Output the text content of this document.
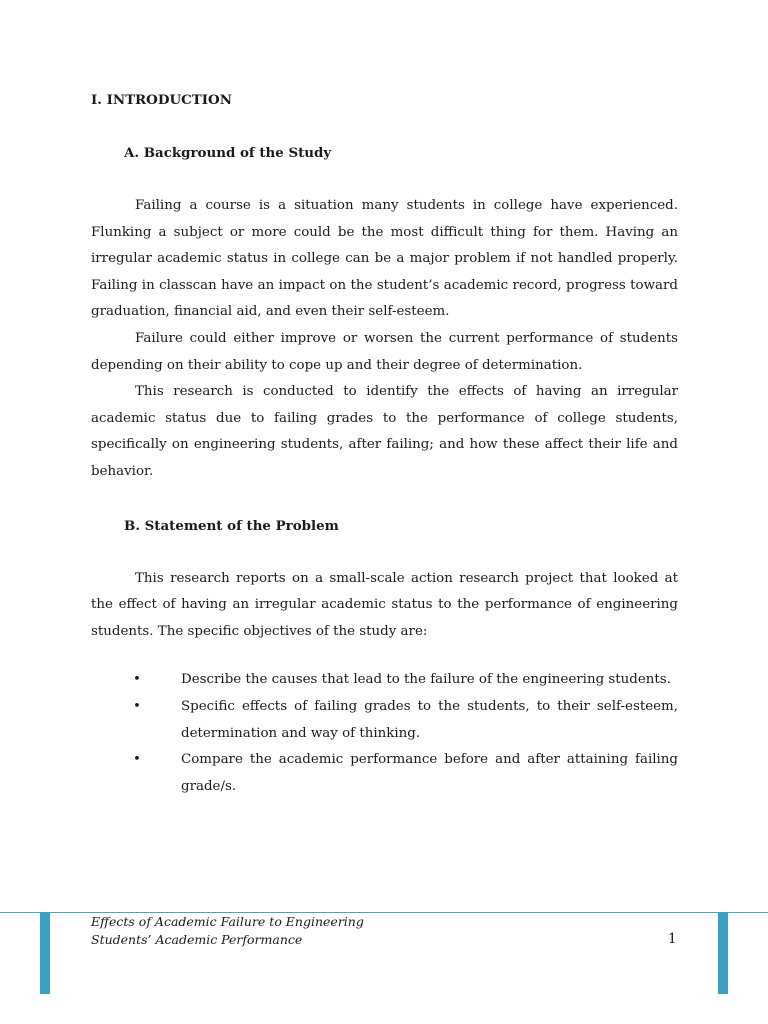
I. INTRODUCTION

A. Background of the Study

Failing a course is a situation many students in college have experienced. Flunking a subject or more could be the most difficult thing for them. Having an irregular academic status in college can be a major problem if not handled properly. Failing in classcan have an impact on the student’s academic record, progress toward graduation, financial aid, and even their self-esteem.

Failure could either improve or worsen the current performance of students depending on their ability to cope up and their degree of determination.

This research is conducted to identify the effects of having an irregular academic status due to failing grades to the performance of college students, specifically on engineering students, after failing; and how these affect their life and behavior.

B. Statement of the Problem

This research reports on a small-scale action research project that looked at the effect of having an irregular academic status to the performance of engineering students. The specific objectives of the study are:

•	Describe the causes that lead to the failure of the engineering students.
•	Specific effects of failing grades to the students, to their self-esteem, determination and way of thinking.
•	Compare the academic performance before and after attaining failing grade/s.
Effects of Academic Failure to Engineering
Students’ Academic Performance	1
